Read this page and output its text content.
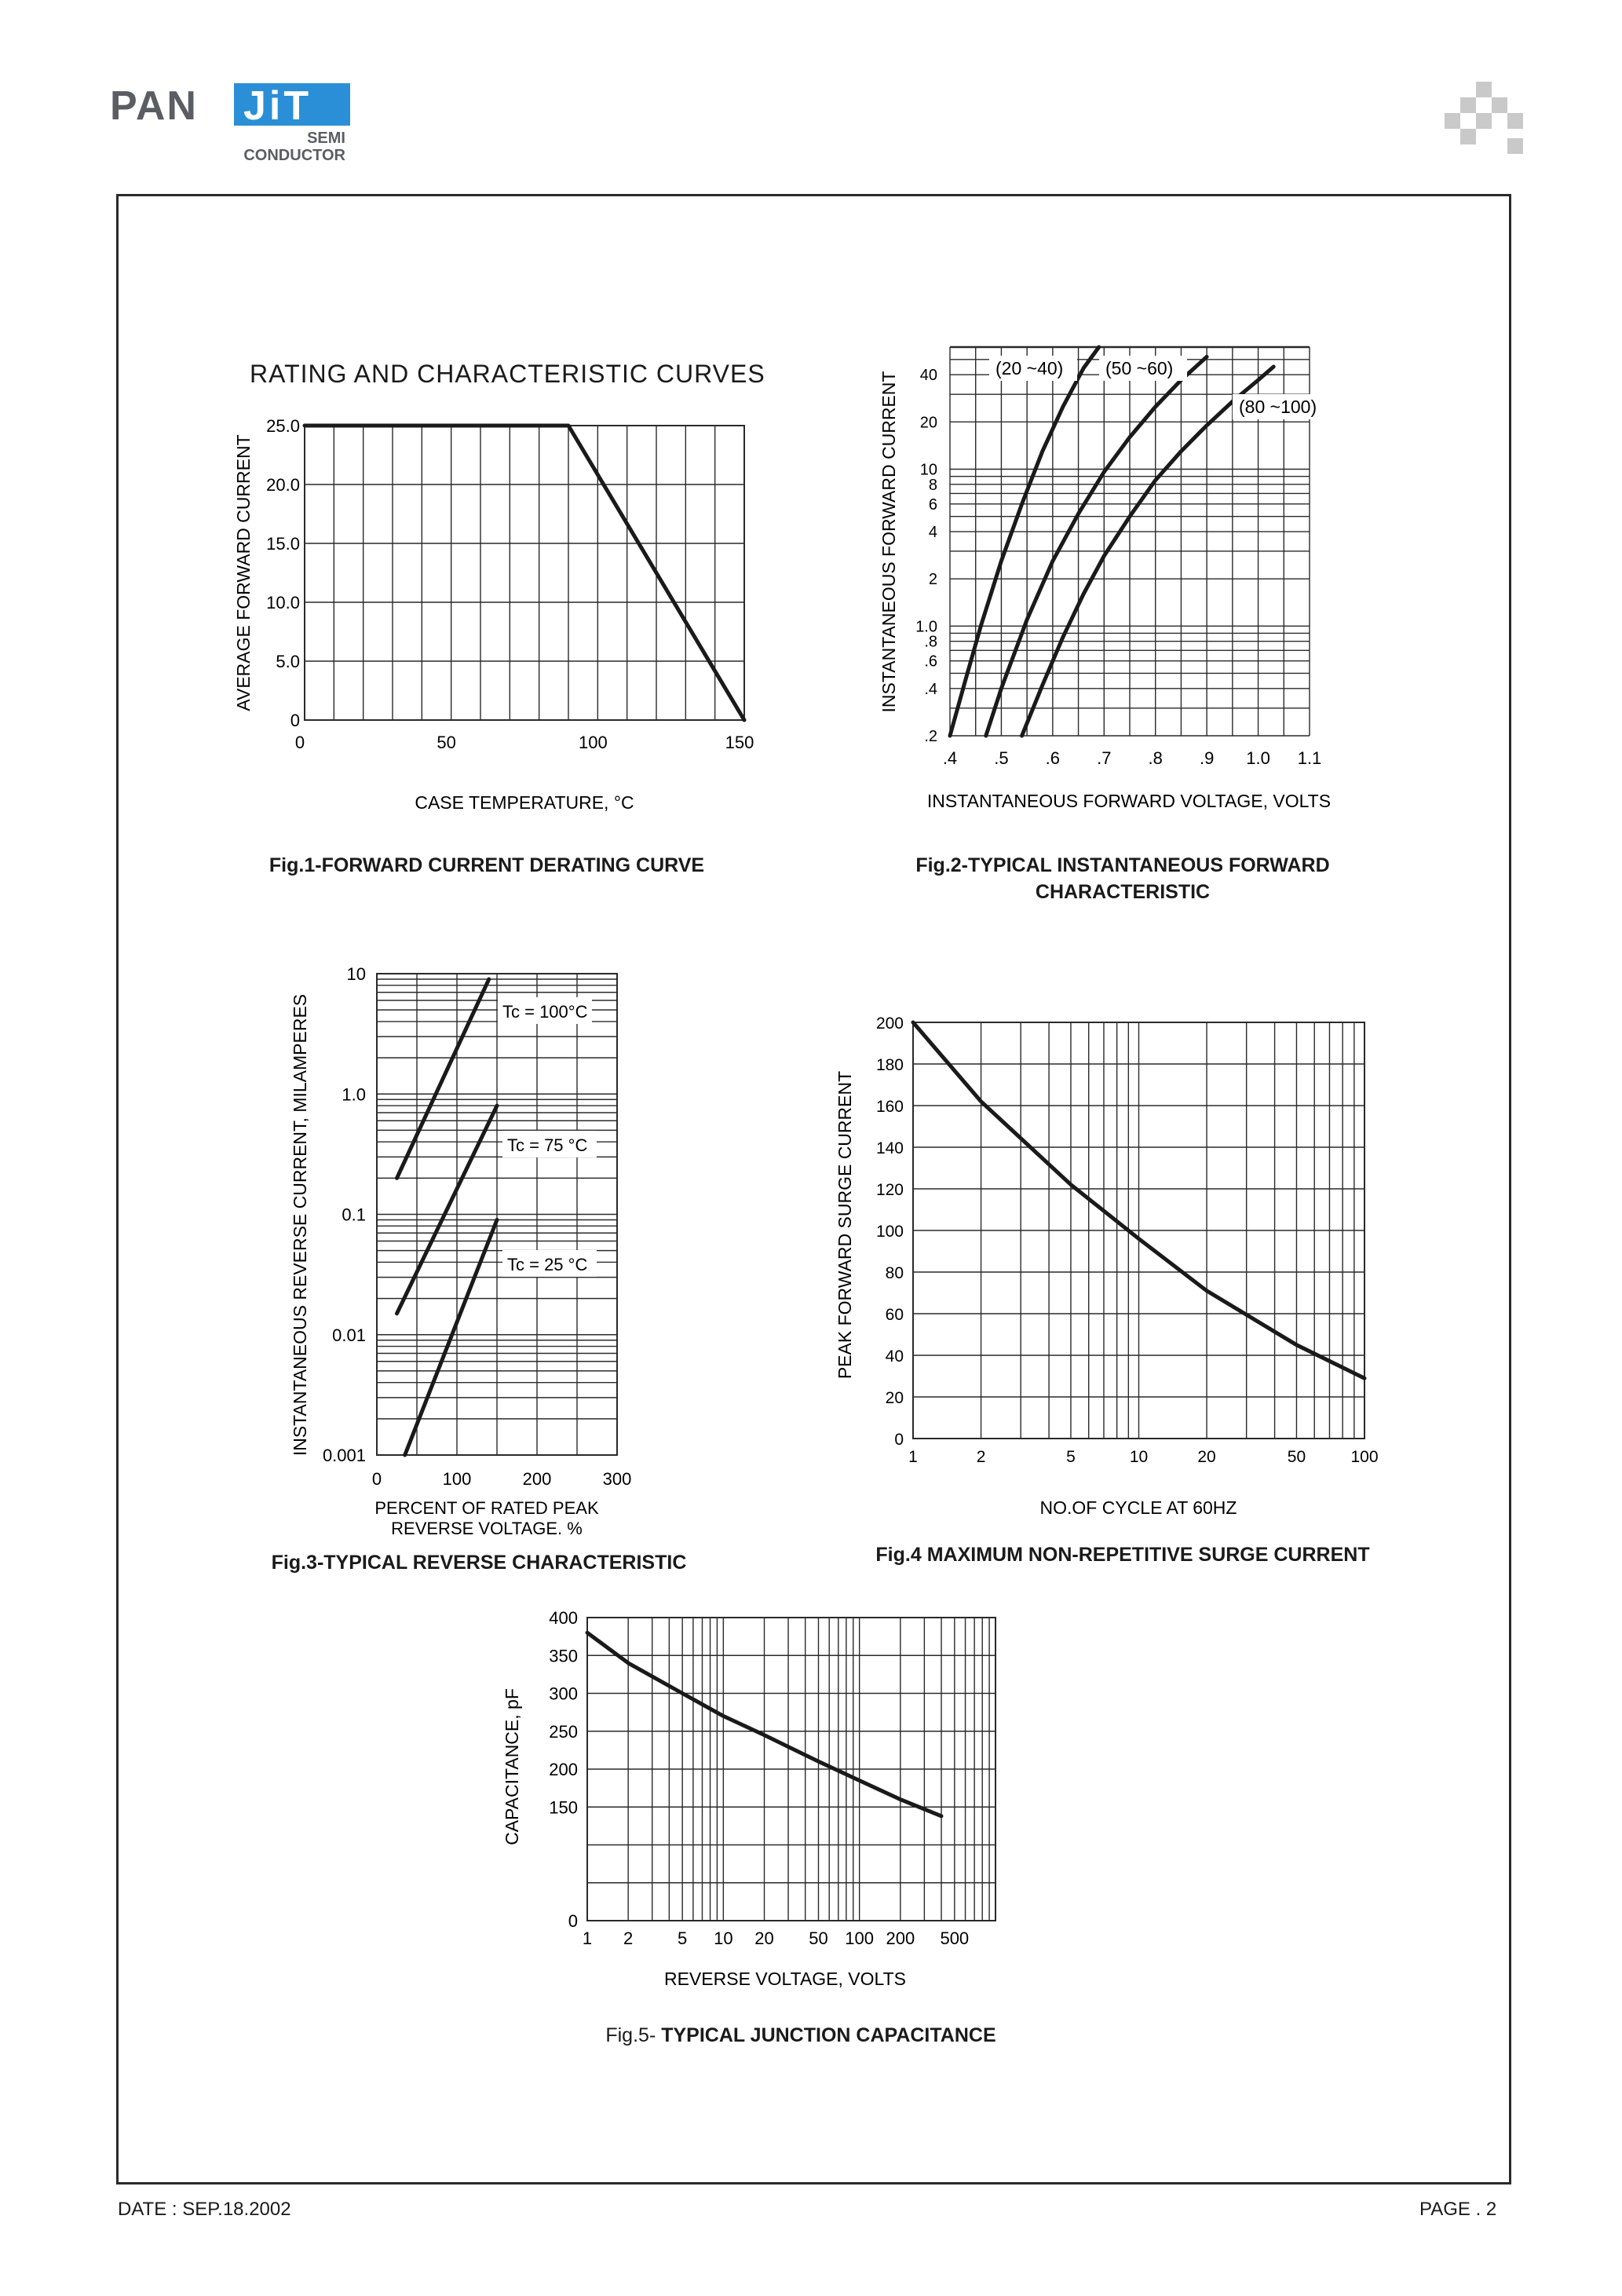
PAN JiT
SEMI
CONDUCTOR
RATING AND CHARACTERISTIC CURVES
0
5.0
10.0
15.0
20.0
25.0
0	50	100	150
CASE TEMPERATURE, °C
AVERAGE FORWARD CURRENT
.2
.4
.6
.8
1.0
2
4
6
8
10
20
40
.4 .5 .6 .7 .8 .9 1.0 1.1
INSTANTANEOUS FORWARD VOLTAGE, VOLTS
INSTANTANEOUS FORWARD CURRENT
(20 ~40) (50 ~60)
(80 ~100)
0.001
0.01
0.1
1.0
10
0	100	200	300
PERCENT OF RATED PEAK
REVERSE VOLTAGE. %
INSTANTANEOUS REVERSE CURRENT, MILAMPERES	Tc = 100°C
Tc = 75 °C
Tc = 25 °C
0
20
40
60
80
100
120
140
160
180
200
1	2	5	10	20	50	100
NO.OF CYCLE AT 60HZ
PEAK FORWARD SURGE CURRENT
0
150
200
250
300
350
400
1 2	5 10 20 50 100 200 500
REVERSE VOLTAGE, VOLTS
CAPACITANCE, pF
Fig.1-FORWARD CURRENT DERATING CURVE	Fig.2-TYPICAL INSTANTANEOUS FORWARD
CHARACTERISTIC
Fig.3-TYPICAL REVERSE CHARACTERISTIC	Fig.4 MAXIMUM NON-REPETITIVE SURGE CURRENT
Fig.5- TYPICAL JUNCTION CAPACITANCE
DATE : SEP.18.2002	PAGE . 2
